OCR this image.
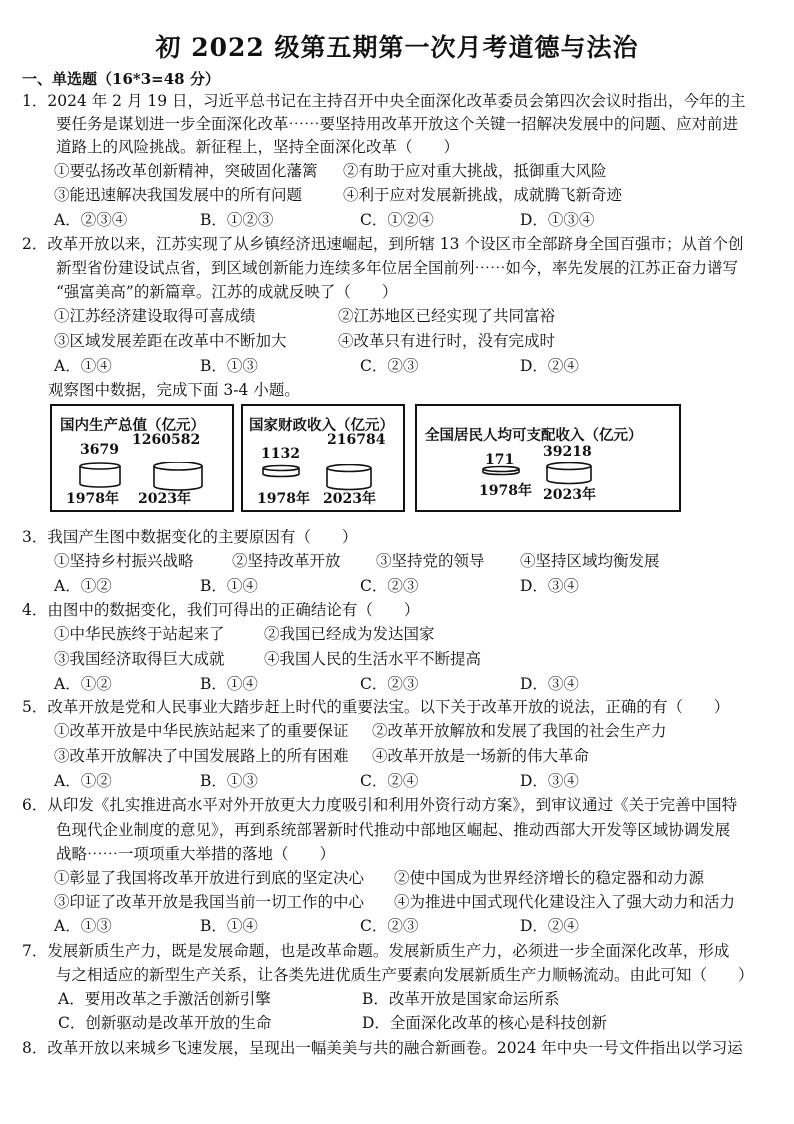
初 2022 级第五期第一次月考道德与法治
一、单选题（16*3=48 分）
1．2024 年 2 月 19 日，习近平总书记在主持召开中央全面深化改革委员会第四次会议时指出，今年的主
要任务是谋划进一步全面深化改革⋯⋯要坚持用改革开放这个关键一招解决发展中的问题、应对前进
道路上的风险挑战。新征程上，坚持全面深化改革（　　）
①要弘扬改革创新精神，突破固化藩篱 ②有助于应对重大挑战，抵御重大风险
③能迅速解决我国发展中的所有问题	④利于应对发展新挑战，成就腾飞新奇迹
A．②③④	B．①②③	C．①②④	D．①③④
2．改革开放以来，江苏实现了从乡镇经济迅速崛起，到所辖 13 个设区市全部跻身全国百强市；从首个创
新型省份建设试点省，到区域创新能力连续多年位居全国前列⋯⋯如今，率先发展的江苏正奋力谱写
“强富美高”的新篇章。江苏的成就反映了（　　）
①江苏经济建设取得可喜成绩	②江苏地区已经实现了共同富裕
③区域发展差距在改革中不断加大	④改革只有进行时，没有完成时
A．①④	B．①③	C．②③	D．②④
观察图中数据，完成下面 3-4 小题。
国内生产总值（亿元）
3679
1260582
1978年 2023年
国家财政收入（亿元）
1132
216784
1978年 2023年
全国居民人均可支配收入（亿元）
171 39218
1978年 2023年
3．我国产生图中数据变化的主要原因有（　　）
①坚持乡村振兴战略 ②坚持改革开放 ③坚持党的领导 ④坚持区域均衡发展
A．①②	B．①④	C．②③	D．③④
4．由图中的数据变化，我们可得出的正确结论有（　　）
①中华民族终于站起来了	②我国已经成为发达国家
③我国经济取得巨大成就	④我国人民的生活水平不断提高
A．①②	B．①④	C．②③	D．③④
5．改革开放是党和人民事业大踏步赶上时代的重要法宝。以下关于改革开放的说法，正确的有（　　）
①改革开放是中华民族站起来了的重要保证 ②改革开放解放和发展了我国的社会生产力
③改革开放解决了中国发展路上的所有困难 ④改革开放是一场新的伟大革命
A．①②	B．①③	C．②④	D．③④
6．从印发《扎实推进高水平对外开放更大力度吸引和利用外资行动方案》，到审议通过《关于完善中国特
色现代企业制度的意见》，再到系统部署新时代推动中部地区崛起、推动西部大开发等区域协调发展
战略⋯⋯一项项重大举措的落地（　　）
①彰显了我国将改革开放进行到底的坚定决心 ②使中国成为世界经济增长的稳定器和动力源
③印证了改革开放是我国当前一切工作的中心 ④为推进中国式现代化建设注入了强大动力和活力
A．①③	B．①④	C．②③	D．②④
7．发展新质生产力，既是发展命题，也是改革命题。发展新质生产力，必须进一步全面深化改革，形成
与之相适应的新型生产关系，让各类先进优质生产要素向发展新质生产力顺畅流动。由此可知（　　）
A．要用改革之手激活创新引擎	B．改革开放是国家命运所系
C．创新驱动是改革开放的生命	D．全面深化改革的核心是科技创新
8．改革开放以来城乡飞速发展，呈现出一幅美美与共的融合新画卷。2024 年中央一号文件指出以学习运
